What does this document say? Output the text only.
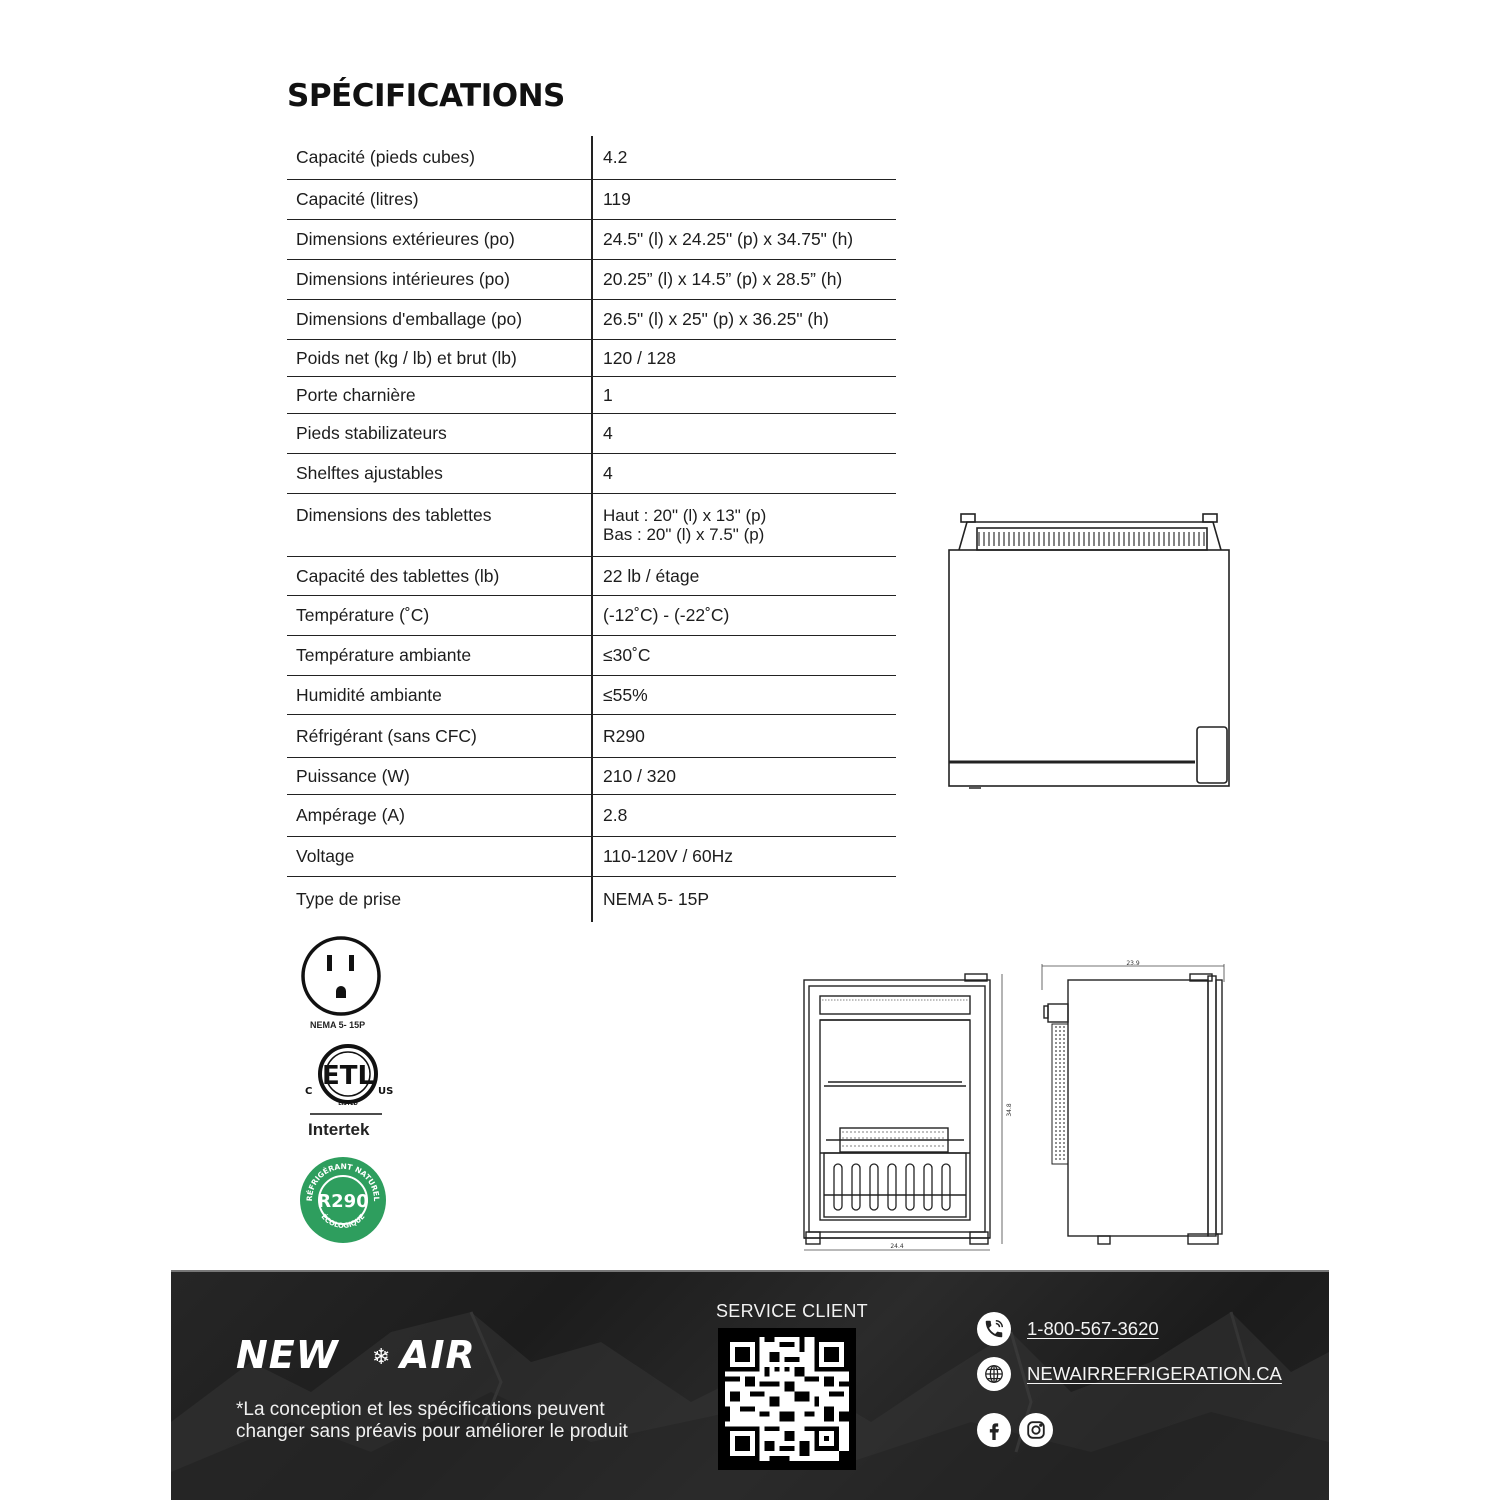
SPÉCIFICATIONS
Capacité (pieds cubes)	4.2
Capacité (litres)	119
Dimensions extérieures (po)	24.5" (l) x 24.25" (p) x 34.75" (h)
Dimensions intérieures (po)	20.25” (l) x 14.5” (p) x 28.5” (h)
Dimensions d'emballage (po)	26.5" (l) x 25" (p) x 36.25" (h)
Poids net (kg / lb) et brut (lb)	120 / 128
Porte charnière	1
Pieds stabilizateurs	4
Shelftes ajustables	4
Dimensions des tablettes	Haut : 20" (l) x 13" (p)
Bas : 20" (l) x 7.5" (p)
Capacité des tablettes (lb)	22 lb / étage
Température (˚C)	(-12˚C) - (-22˚C)
Température ambiante	≤30˚C
Humidité ambiante	≤55%
Réfrigérant (sans CFC)	R290
Puissance (W)	210 / 320
Ampérage (A)	2.8
Voltage	110-120V / 60Hz
Type de prise	NEMA 5- 15P
NEMA 5- 15P
ETL
C	US
LISTED
Intertek
R290
RÉFRIGÉRANT NATUREL
ÉCOLOGIQUE
24.4
34.8
23.9
NEW ❄ AIR
*La conception et les spécifications peuvent
changer sans préavis pour améliorer le produit
SERVICE CLIENT
1-800-567-3620
NEWAIRREFRIGERATION.CA
